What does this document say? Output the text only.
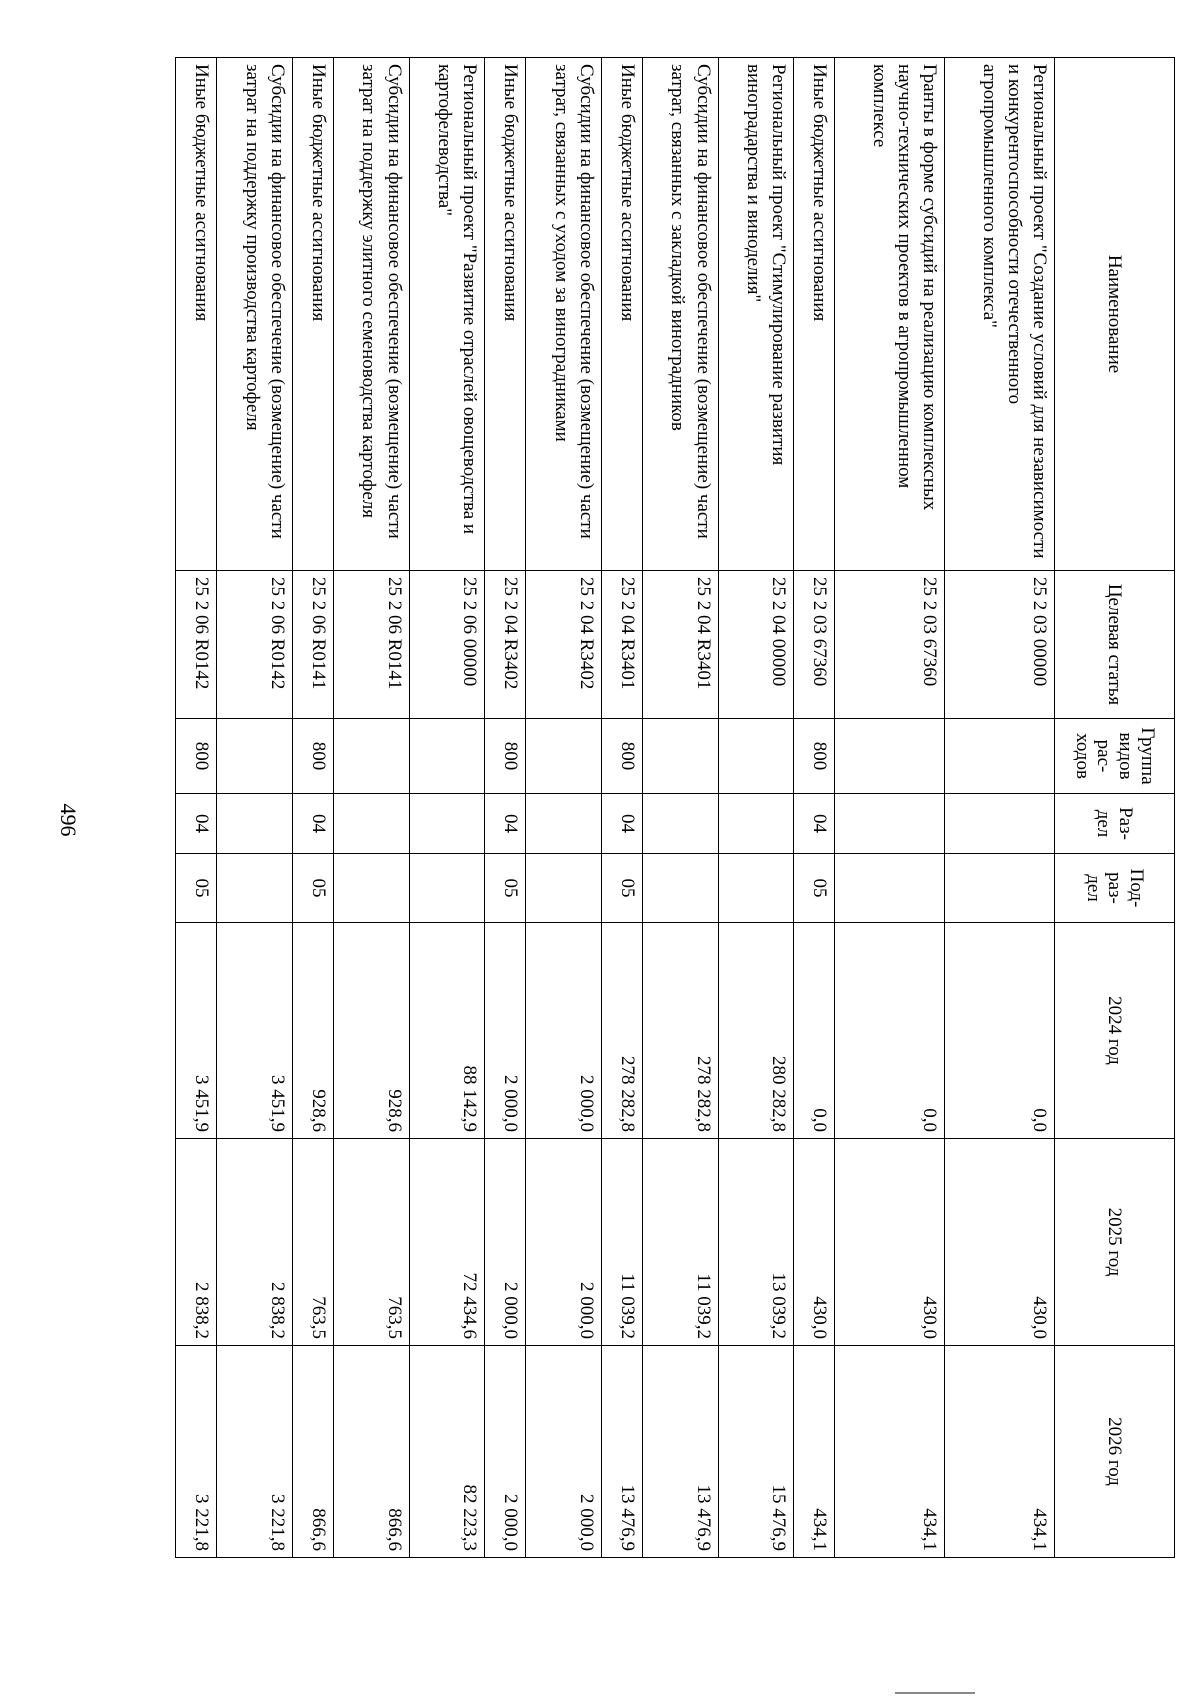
496
Наименование	Целевая статья	Группа видов рас-ходов	Раз-дел	Под-раз-дел	2024 год	2025 год	2026 год
Региональный проект "Создание условий для независимости и конкурентоспособности отечественного агропромышленного комплекса"	25 2 03 00000				0,0	430,0	434,1
Гранты в форме субсидий на реализацию комплексных научно-технических проектов в агропромышленном комплексе	25 2 03 67360				0,0	430,0	434,1
Иные бюджетные ассигнования	25 2 03 67360	800	04	05	0,0	430,0	434,1
Региональный проект "Стимулирование развития виноградарства и виноделия"	25 2 04 00000				280 282,8	13 039,2	15 476,9
Субсидии на финансовое обеспечение (возмещение) части затрат, связанных с закладкой виноградников	25 2 04 R3401				278 282,8	11 039,2	13 476,9
Иные бюджетные ассигнования	25 2 04 R3401	800	04	05	278 282,8	11 039,2	13 476,9
Субсидии на финансовое обеспечение (возмещение) части затрат, связанных с уходом за виноградниками	25 2 04 R3402				2 000,0	2 000,0	2 000,0
Иные бюджетные ассигнования	25 2 04 R3402	800	04	05	2 000,0	2 000,0	2 000,0
Региональный проект "Развитие отраслей овощеводства и картофелеводства"	25 2 06 00000				88 142,9	72 434,6	82 223,3
Субсидии на финансовое обеспечение (возмещение) части затрат на поддержку элитного семеноводства картофеля	25 2 06 R0141				928,6	763,5	866,6
Иные бюджетные ассигнования	25 2 06 R0141	800	04	05	928,6	763,5	866,6
Субсидии на финансовое обеспечение (возмещение) части затрат на поддержку производства картофеля	25 2 06 R0142				3 451,9	2 838,2	3 221,8
Иные бюджетные ассигнования	25 2 06 R0142	800	04	05	3 451,9	2 838,2	3 221,8
